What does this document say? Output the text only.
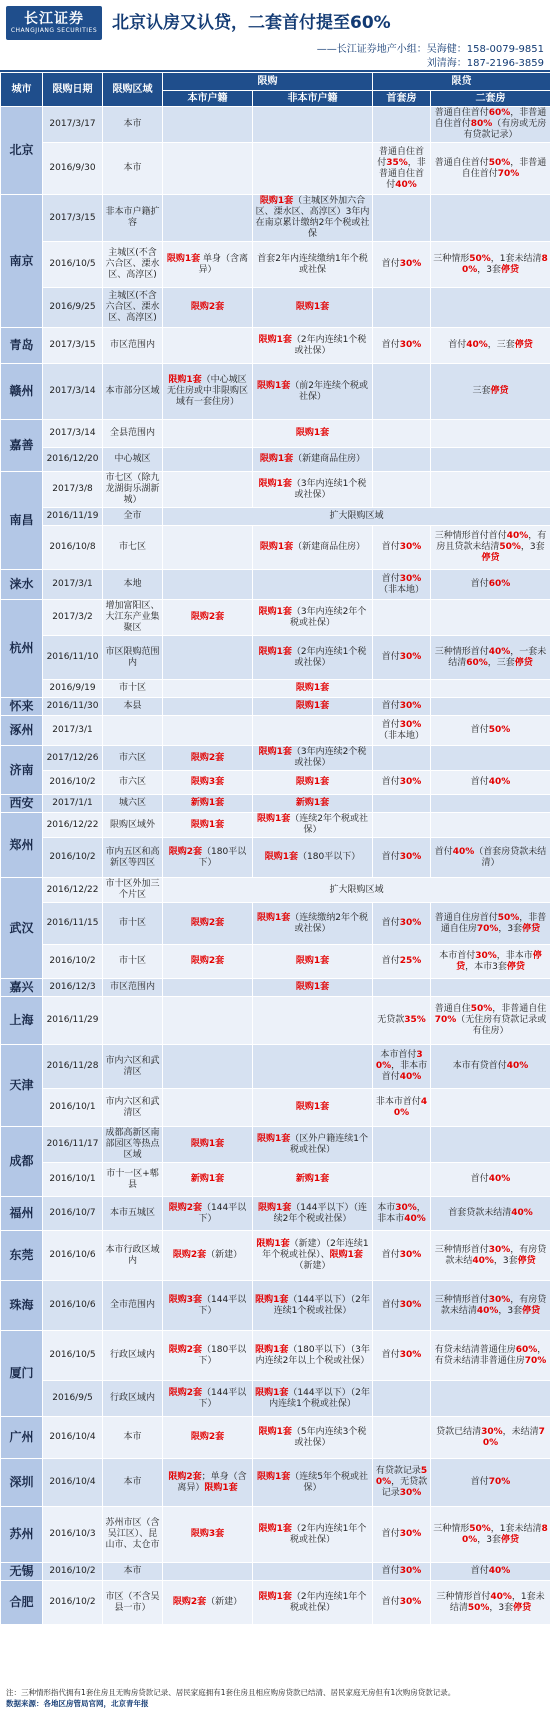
长江证券
CHANGJIANG SECURITIES 北京认房又认贷，二套首付提至60%
——长江证券地产小组：吴海健：158-0079-9851
刘清海：187-2196-3859
城市	限购日期	限购区域	限购		限贷	
			本市户籍	非本市户籍	首套房	二套房
北京	2017/3/17	本市				普通自住首付60%，非普通自住首付80%（有房或无房有贷款记录）
	2016/9/30	本市			普通自住首付35%，非普通自住首付40%	普通自住首付50%，非普通自住首付70%
南京	2017/3/15	非本市户籍扩容		限购1套（主城区外加六合区、溧水区、高淳区）3年内在南京累计缴纳2年个税或社保		
	2016/10/5	主城区(不含六合区、溧水区、高淳区)	限购1套 单身（含离异）	首套2年内连续缴纳1年个税或社保	首付30%	三种情形50%，1套未结清80%，3套停贷
	2016/9/25	主城区(不含六合区、溧水区、高淳区)	限购2套	限购1套		
青岛	2017/3/15	市区范围内		限购1套（2年内连续1个税或社保）	首付30%	首付40%，三套停贷
赣州	2017/3/14	本市部分区域	限购1套（中心城区无住房或中非限购区域有一套住房）	限购1套（前2年连续个税或社保）		三套停贷
嘉善	2017/3/14	全县范围内		限购1套		
	2016/12/20	中心城区		限购1套（新建商品住房）		
南昌	2017/3/8	市七区（除九龙湖街乐湖新城）		限购1套（3年内连续1个税或社保）		
	2016/11/19	全市	扩大限购区域			
	2016/10/8	市七区		限购1套（新建商品住房）	首付30%	三种情形首付首付40%，有房且贷款未结清50%，3套停贷
涞水	2017/3/1	本地			首付30%（非本地）	首付60%
杭州	2017/3/2	增加富阳区、大江东产业集聚区	限购2套	限购1套（3年内连续2年个税或社保）		
	2016/11/10	市区限购范围内		限购1套（2年内连续1个税或社保）	首付30%	三种情形首付40%，一套未结清60%，三套停贷
	2016/9/19	市十区		限购1套		
怀来	2016/11/30	本县		限购1套	首付30%	
涿州	2017/3/1				首付30%（非本地）	首付50%
济南	2017/12/26	市六区	限购2套	限购1套（3年内连续2个税或社保）		
	2016/10/2	市六区	限购3套	限购1套	首付30%	首付40%
西安	2017/1/1	城六区	新购1套	新购1套		
郑州	2016/12/22	限购区域外	限购1套	限购1套（连续2年个税或社保）		
	2016/10/2	市内五区和高新区等四区	限购2套（180平以下）	限购1套（180平以下）	首付30%	首付40%（首套房贷款未结清）
武汉	2016/12/22	市十区外加三个片区	扩大限购区域			
	2016/11/15	市十区	限购2套	限购1套（连续缴纳2年个税或社保）	首付30%	普通自住房首付50%，非普通自住房70%，3套停贷
	2016/10/2	市十区	限购2套	限购1套	首付25%	本市首付30%，非本市停贷，本市3套停贷
嘉兴	2016/12/3	市区范围内		限购1套		
上海	2016/11/29				无贷款35%	普通自住50%，非普通自住70%（无住房有贷款记录或有住房）
天津	2016/11/28	市内六区和武清区			本市首付30%，非本市首付40%	本市有贷首付40%
	2016/10/1	市内六区和武清区		限购1套	非本市首付40%	
成都	2016/11/17	成都高新区南部园区等热点区域	限购1套	限购1套（区外户籍连续1个税或社保）		
	2016/10/1	市十一区+郫县	新购1套	新购1套		首付40%
福州	2016/10/7	本市五城区	限购2套（144平以下）	限购1套（144平以下）（连续2年个税或社保）	本市30%，非本市40%	首套贷款未结清40%
东莞	2016/10/6	本市行政区域内	限购2套（新建）	限购1套（新建）（2年连续1年个税或社保）、限购1套（新建）	首付30%	三种情形首付30%，有房贷款未结40%，3套停贷
珠海	2016/10/6	全市范围内	限购3套（144平以下）	限购1套（144平以下）（2年连续1个税或社保）	首付30%	三种情形首付30%，有房贷款未结清40%，3套停贷
厦门	2016/10/5	行政区域内	限购2套（180平以下）	限购1套（180平以下）（3年内连续2年以上个税或社保）	首付30%	有贷未结清普通住房60%，有贷未结清非普通住房70%
	2016/9/5	行政区域内	限购2套（144平以下）	限购1套（144平以下）（2年内连续1个税或社保）		
广州	2016/10/4	本市	限购2套	限购1套（5年内连续3个税或社保）		贷款已结清30%，未结清70%
深圳	2016/10/4	本市	限购2套；单身（含离异）限购1套	限购1套（连续5年个税或社保）	有贷款记录50%，无贷款记录30%	首付70%
苏州	2016/10/3	苏州市区（含吴江区）、昆山市、太仓市	限购3套	限购1套（2年内连续1年个税或社保）	首付30%	三种情形50%，1套未结清80%，3套停贷
无锡	2016/10/2	本市			首付30%	首付40%
合肥	2016/10/2	市区（不含吴县一市）	限购2套（新建）	限购1套（2年内连续1年个税或社保）	首付30%	三种情形首付40%，1套未结清50%，3套停贷
注：三种情形指代拥有1套住房且无购房贷款记录、居民家庭拥有1套住房且相应购房贷款已结清、居民家庭无房但有1次购房贷款记录。
数据来源：各地区房管局官网，北京青年报
